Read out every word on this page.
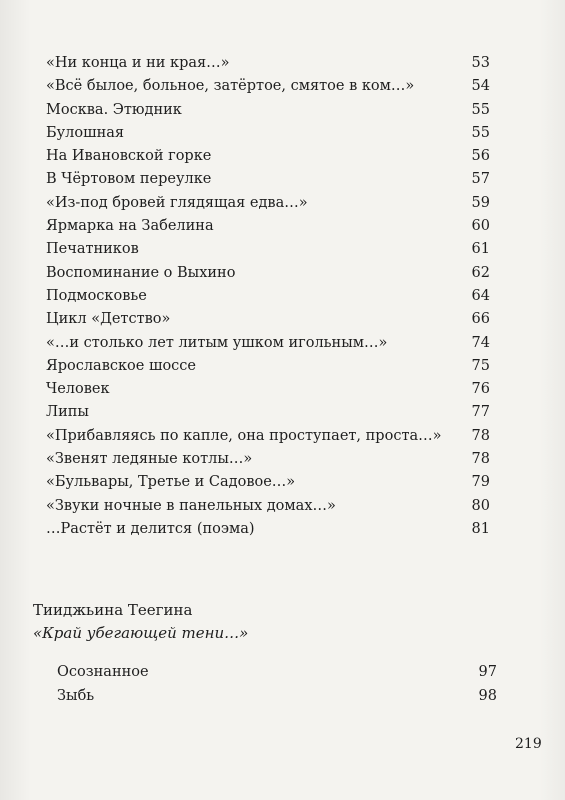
«Ни конца и ни края…»	53
«Всё былое, больное, затёртое, смятое в ком…»	54
Москва. Этюдник	55
Булошная	55
На Ивановской горке	56
В Чёртовом переулке	57
«Из-под бровей глядящая едва…»	59
Ярмарка на Забелина	60
Печатников	61
Воспоминание о Выхино	62
Подмосковье	64
Цикл «Детство»	66
«…и столько лет литым ушком игольным…»	74
Ярославское шоссе	75
Человек	76
Липы	77
«Прибавляясь по капле, она проступает, проста…»	78
«Звенят ледяные котлы…»	78
«Бульвары, Третье и Садовое…»	79
«Звуки ночные в панельных домах…»	80
…Растёт и делится (поэма)	81
Тииджьина Теегина
«Край убегающей тени…»
Осознанное	97
Зыбь	98
219
